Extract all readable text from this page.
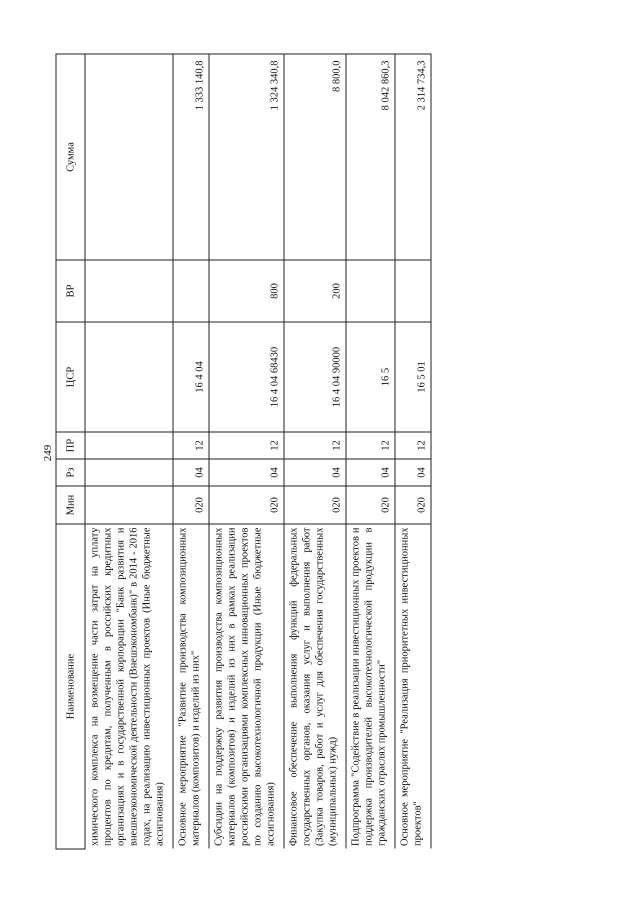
249
Наименование	Мин	Рз	ПР	ЦСР	ВР	Сумма
химического комплекса на возмещение части затрат на уплату процентов по кредитам, полученным в российских кредитных организациях и в государственной корпорации "Банк развития и внешнеэкономической деятельности (Внешэкономбанк)" в 2014 - 2016 годах, на реализацию инвестиционных проектов (Иные бюджетные ассигнования)						
Основное мероприятие "Развитие производства композиционных материалов (композитов) и изделий из них"	020	04	12	16 4 04		1 333 140,8
Субсидии на поддержку развития производства композиционных материалов (композитов) и изделий из них в рамках реализации российскими организациями комплексных инновационных проектов по созданию высокотехнологичной продукции (Иные бюджетные ассигнования)	020	04	12	16 4 04 68430	800	1 324 340,8
Финансовое обеспечение выполнения функций федеральных государственных органов, оказания услуг и выполнения работ (Закупка товаров, работ и услуг для обеспечения государственных (муниципальных) нужд)	020	04	12	16 4 04 90000	200	8 800,0
Подпрограмма "Содействие в реализации инвестиционных проектов и поддержка производителей высокотехнологической продукции в гражданских отраслях промышленности"	020	04	12	16 5		8 042 860,3
Основное мероприятие "Реализация приоритетных инвестиционных проектов"	020	04	12	16 5 01		2 314 734,3
